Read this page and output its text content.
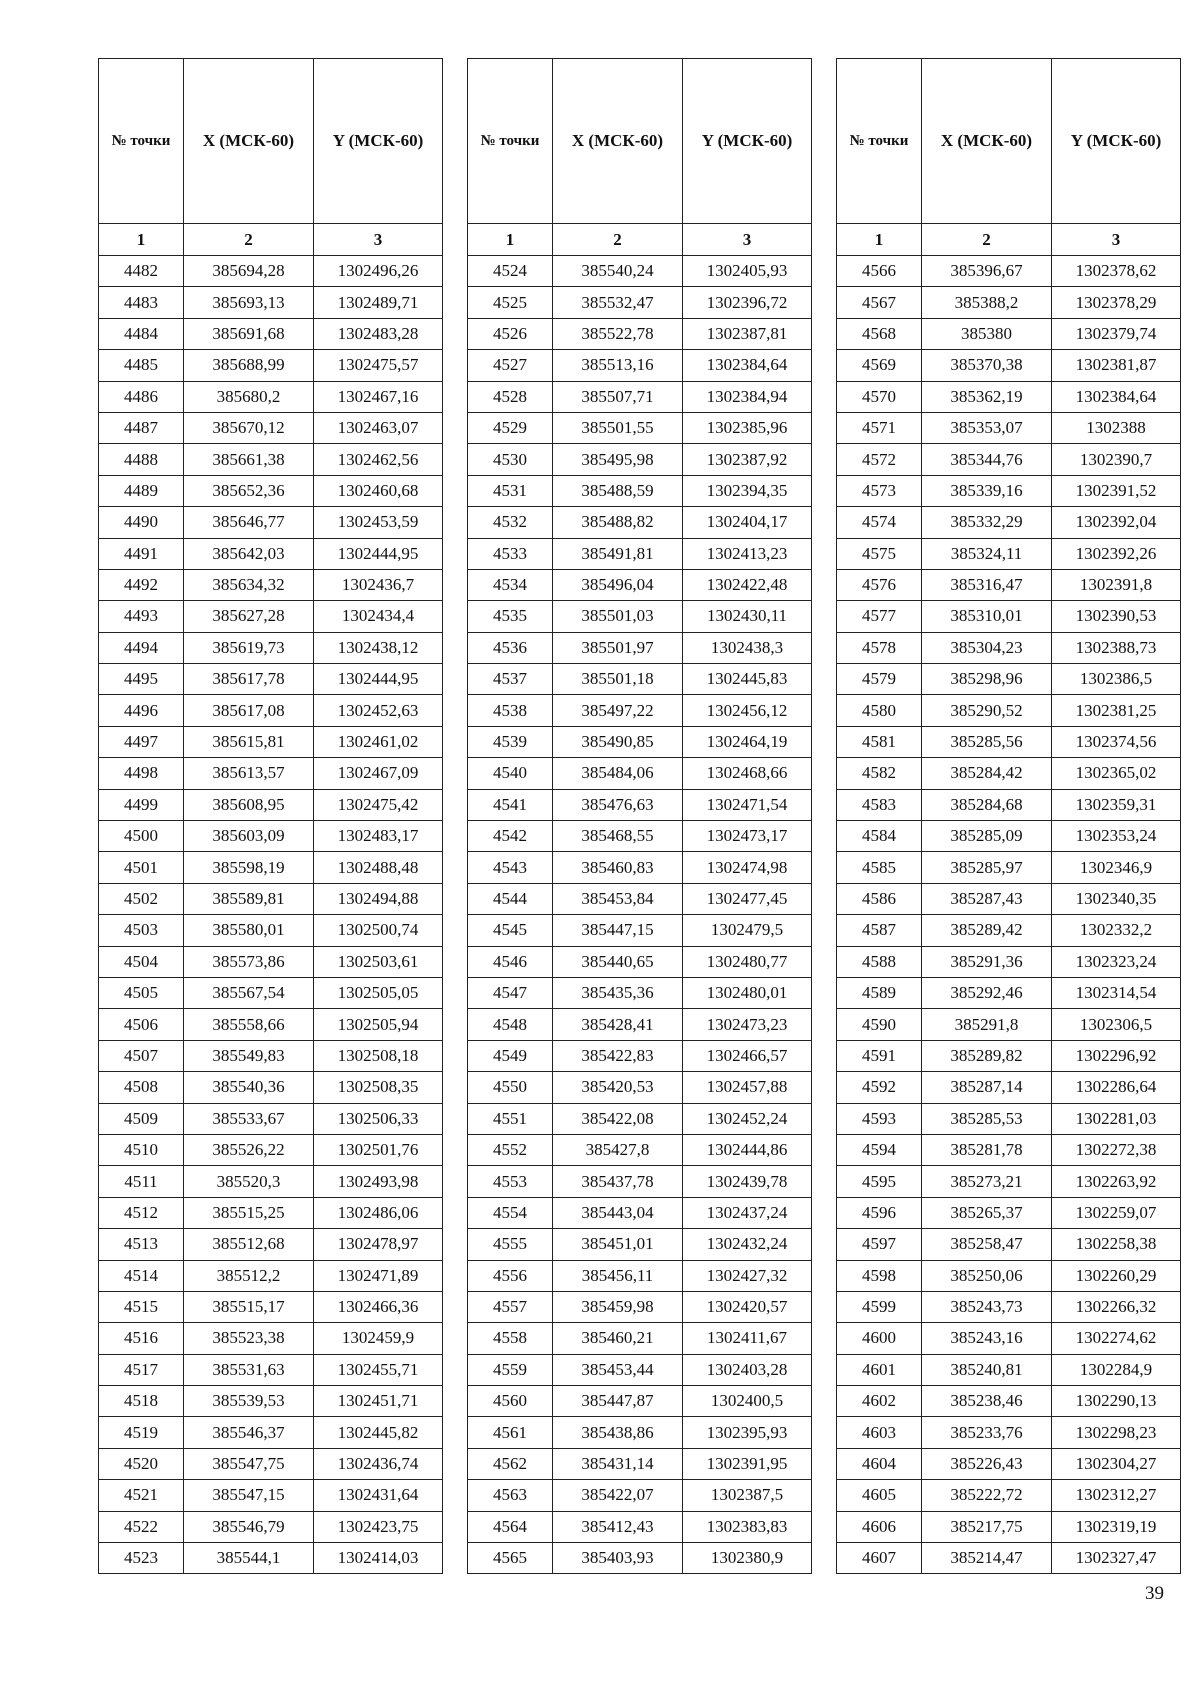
№ точки	X (МСК-60)	Y (МСК-60)
1	2	3
4482	385694,28	1302496,26
4483	385693,13	1302489,71
4484	385691,68	1302483,28
4485	385688,99	1302475,57
4486	385680,2	1302467,16
4487	385670,12	1302463,07
4488	385661,38	1302462,56
4489	385652,36	1302460,68
4490	385646,77	1302453,59
4491	385642,03	1302444,95
4492	385634,32	1302436,7
4493	385627,28	1302434,4
4494	385619,73	1302438,12
4495	385617,78	1302444,95
4496	385617,08	1302452,63
4497	385615,81	1302461,02
4498	385613,57	1302467,09
4499	385608,95	1302475,42
4500	385603,09	1302483,17
4501	385598,19	1302488,48
4502	385589,81	1302494,88
4503	385580,01	1302500,74
4504	385573,86	1302503,61
4505	385567,54	1302505,05
4506	385558,66	1302505,94
4507	385549,83	1302508,18
4508	385540,36	1302508,35
4509	385533,67	1302506,33
4510	385526,22	1302501,76
4511	385520,3	1302493,98
4512	385515,25	1302486,06
4513	385512,68	1302478,97
4514	385512,2	1302471,89
4515	385515,17	1302466,36
4516	385523,38	1302459,9
4517	385531,63	1302455,71
4518	385539,53	1302451,71
4519	385546,37	1302445,82
4520	385547,75	1302436,74
4521	385547,15	1302431,64
4522	385546,79	1302423,75
4523	385544,1	1302414,03
№ точки	X (МСК-60)	Y (МСК-60)
1	2	3
4524	385540,24	1302405,93
4525	385532,47	1302396,72
4526	385522,78	1302387,81
4527	385513,16	1302384,64
4528	385507,71	1302384,94
4529	385501,55	1302385,96
4530	385495,98	1302387,92
4531	385488,59	1302394,35
4532	385488,82	1302404,17
4533	385491,81	1302413,23
4534	385496,04	1302422,48
4535	385501,03	1302430,11
4536	385501,97	1302438,3
4537	385501,18	1302445,83
4538	385497,22	1302456,12
4539	385490,85	1302464,19
4540	385484,06	1302468,66
4541	385476,63	1302471,54
4542	385468,55	1302473,17
4543	385460,83	1302474,98
4544	385453,84	1302477,45
4545	385447,15	1302479,5
4546	385440,65	1302480,77
4547	385435,36	1302480,01
4548	385428,41	1302473,23
4549	385422,83	1302466,57
4550	385420,53	1302457,88
4551	385422,08	1302452,24
4552	385427,8	1302444,86
4553	385437,78	1302439,78
4554	385443,04	1302437,24
4555	385451,01	1302432,24
4556	385456,11	1302427,32
4557	385459,98	1302420,57
4558	385460,21	1302411,67
4559	385453,44	1302403,28
4560	385447,87	1302400,5
4561	385438,86	1302395,93
4562	385431,14	1302391,95
4563	385422,07	1302387,5
4564	385412,43	1302383,83
4565	385403,93	1302380,9
№ точки	X (МСК-60)	Y (МСК-60)
1	2	3
4566	385396,67	1302378,62
4567	385388,2	1302378,29
4568	385380	1302379,74
4569	385370,38	1302381,87
4570	385362,19	1302384,64
4571	385353,07	1302388
4572	385344,76	1302390,7
4573	385339,16	1302391,52
4574	385332,29	1302392,04
4575	385324,11	1302392,26
4576	385316,47	1302391,8
4577	385310,01	1302390,53
4578	385304,23	1302388,73
4579	385298,96	1302386,5
4580	385290,52	1302381,25
4581	385285,56	1302374,56
4582	385284,42	1302365,02
4583	385284,68	1302359,31
4584	385285,09	1302353,24
4585	385285,97	1302346,9
4586	385287,43	1302340,35
4587	385289,42	1302332,2
4588	385291,36	1302323,24
4589	385292,46	1302314,54
4590	385291,8	1302306,5
4591	385289,82	1302296,92
4592	385287,14	1302286,64
4593	385285,53	1302281,03
4594	385281,78	1302272,38
4595	385273,21	1302263,92
4596	385265,37	1302259,07
4597	385258,47	1302258,38
4598	385250,06	1302260,29
4599	385243,73	1302266,32
4600	385243,16	1302274,62
4601	385240,81	1302284,9
4602	385238,46	1302290,13
4603	385233,76	1302298,23
4604	385226,43	1302304,27
4605	385222,72	1302312,27
4606	385217,75	1302319,19
4607	385214,47	1302327,47
39
